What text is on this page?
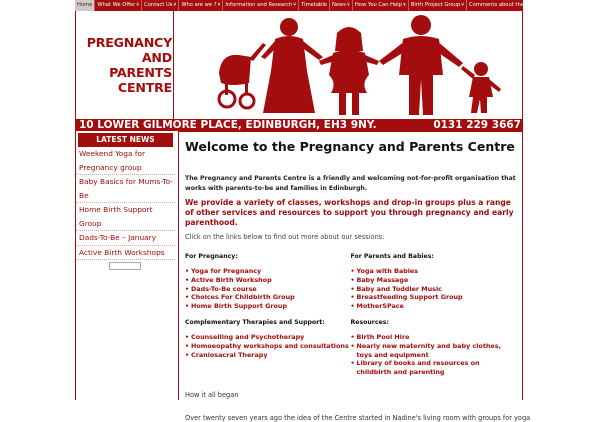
Home What We Offer ¥ Contact Us ¥ Who are we ? ¥ Information and Research ¥ Timetable News ¥ How You Can Help ¥ Birth Project Group ¥ Comments about the PPC
PREGNANCY
AND
PARENTS
CENTRE
10 LOWER GILMORE PLACE, EDINBURGH, EH3 9NY.	0131 229 3667
LATEST NEWS
Weekend Yoga for Pregnancy group
Baby Basics for Mums-To-Be
Home Birth Support Group
Dads-To-Be – January
Active Birth Workshops
Welcome to the Pregnancy and Parents Centre

The Pregnancy and Parents Centre is a friendly and welcoming not-for-profit organisation that works with parents-to-be and families in Edinburgh.

We provide a variety of classes, workshops and drop-in groups plus a range of other services and resources to support you through pregnancy and early parenthood.

Click on the links below to find out more about our sessions:

For Pregnancy:
• Yoga for Pregnancy
• Active Birth Workshop
• Dads-To-Be course
• Choices For Childbirth Group
• Home Birth Support Group
Complementary Therapies and Support:
• Counselling and Psychotherapy
• Homoeopathy workshops and consultations
• Craniosacral Therapy
For Parents and Babies:
• Yoga with Babies
• Baby Massage
• Baby and Toddler Music
• Breastfeeding Support Group
• MotherSPace
Resources:
• Birth Pool Hire
• Nearly new maternity and baby clothes, toys and equipment
• Library of books and resources on childbirth and parenting

How it all began

Over twenty seven years ago the idea of the Centre started in Nadine's living room with groups for yoga
